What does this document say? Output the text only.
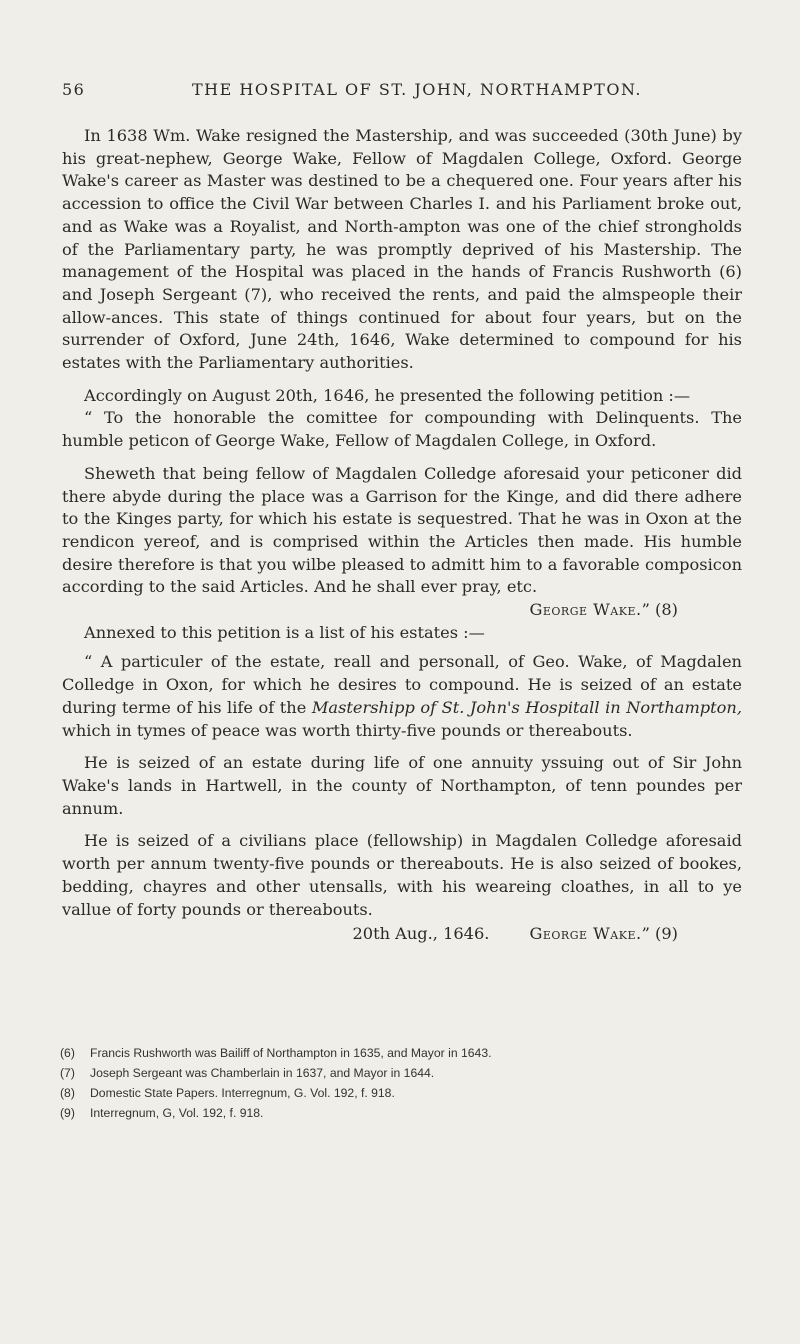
56	THE HOSPITAL OF ST. JOHN, NORTHAMPTON.

In 1638 Wm. Wake resigned the Mastership, and was succeeded (30th June) by his great-nephew, George Wake, Fellow of Magdalen College, Oxford. George Wake's career as Master was destined to be a chequered one. Four years after his accession to office the Civil War between Charles I. and his Parliament broke out, and as Wake was a Royalist, and North-ampton was one of the chief strongholds of the Parliamentary party, he was promptly deprived of his Mastership. The management of the Hospital was placed in the hands of Francis Rushworth (6) and Joseph Sergeant (7), who received the rents, and paid the almspeople their allow-ances. This state of things continued for about four years, but on the surrender of Oxford, June 24th, 1646, Wake determined to compound for his estates with the Parliamentary authorities.

Accordingly on August 20th, 1646, he presented the following petition :—

“ To the honorable the comittee for compounding with Delinquents. The humble peticon of George Wake, Fellow of Magdalen College, in Oxford.

Sheweth that being fellow of Magdalen Colledge aforesaid your peticoner did there abyde during the place was a Garrison for the Kinge, and did there adhere to the Kinges party, for which his estate is sequestred. That he was in Oxon at the rendicon yereof, and is comprised within the Articles then made. His humble desire therefore is that you wilbe pleased to admitt him to a favorable composicon according to the said Articles. And he shall ever pray, etc.

George Wake.” (8)

Annexed to this petition is a list of his estates :—

“ A particuler of the estate, reall and personall, of Geo. Wake, of Magdalen Colledge in Oxon, for which he desires to compound. He is seized of an estate during terme of his life of the Mastershipp of St. John's Hospitall in Northampton, which in tymes of peace was worth thirty-five pounds or thereabouts.

He is seized of an estate during life of one annuity yssuing out of Sir John Wake's lands in Hartwell, in the county of Northampton, of tenn poundes per annum.

He is seized of a civilians place (fellowship) in Magdalen Colledge aforesaid worth per annum twenty-five pounds or thereabouts. He is also seized of bookes, bedding, chayres and other utensalls, with his weareing cloathes, in all to ye vallue of forty pounds or thereabouts.

20th Aug., 1646. George Wake.” (9)

(6)	Francis Rushworth was Bailiff of Northampton in 1635, and Mayor in 1643.
(7)	Joseph Sergeant was Chamberlain in 1637, and Mayor in 1644.
(8)	Domestic State Papers. Interregnum, G. Vol. 192, f. 918.
(9)	Interregnum, G, Vol. 192, f. 918.
